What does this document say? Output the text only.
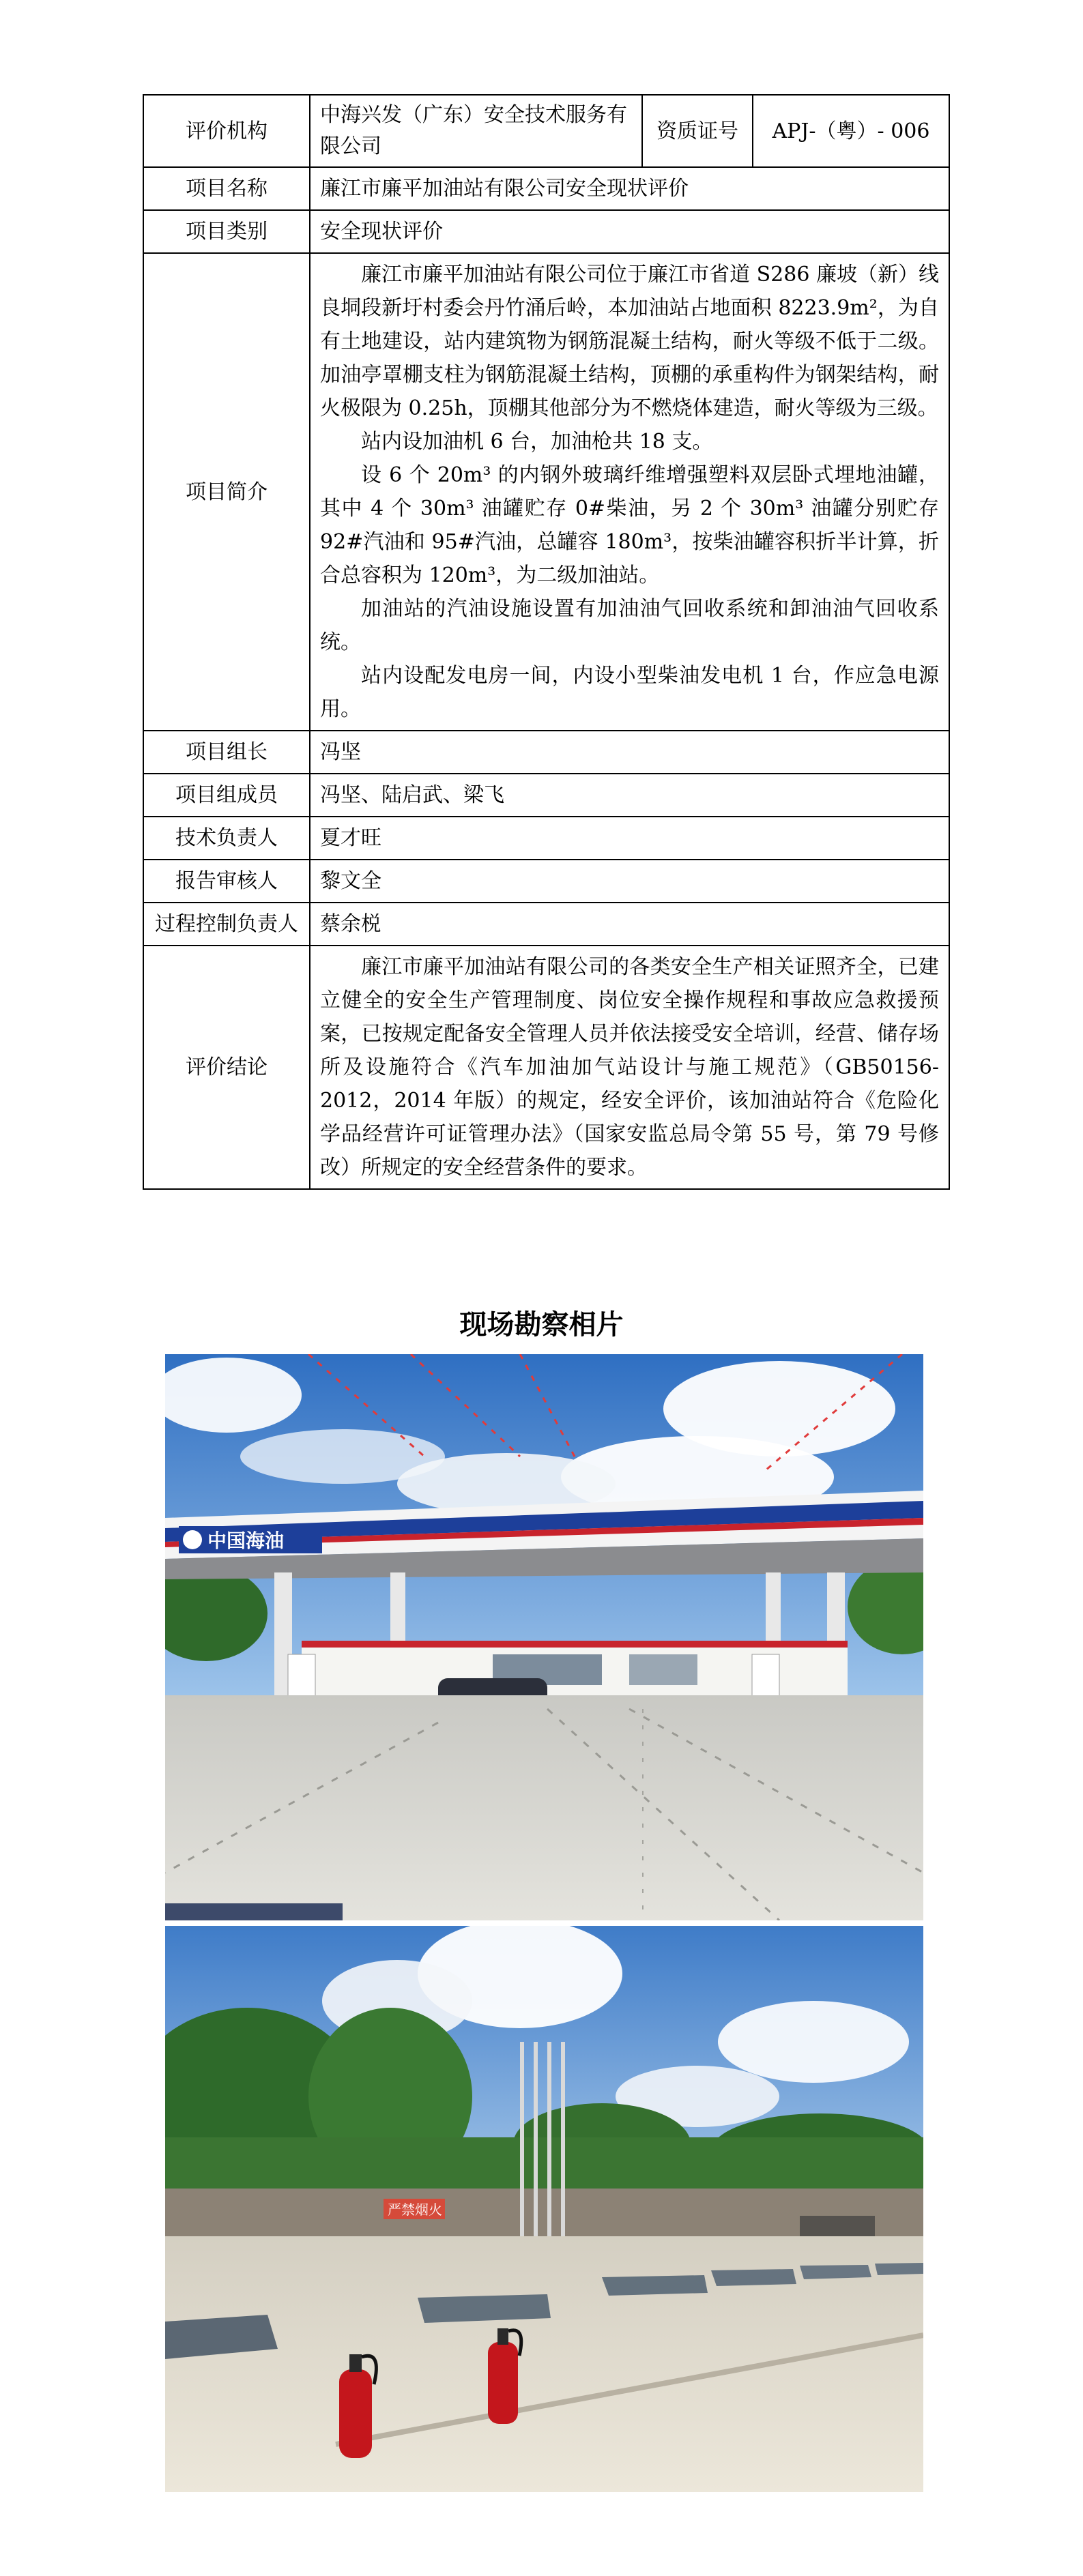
评价机构	中海兴发（广东）安全技术服务有限公司	资质证号	APJ-（粤）- 006
项目名称	廉江市廉平加油站有限公司安全现状评价		
项目类别	安全现状评价		
项目简介	廉江市廉平加油站有限公司位于廉江市省道 S286 廉坡（新）线良垌段新圩村委会丹竹涌后岭，本加油站占地面积 8223.9m²，为自有土地建设，站内建筑物为钢筋混凝土结构，耐火等级不低于二级。加油亭罩棚支柱为钢筋混凝土结构，顶棚的承重构件为钢架结构，耐火极限为 0.25h，顶棚其他部分为不燃烧体建造，耐火等级为三级。

站内设加油机 6 台，加油枪共 18 支。

设 6 个 20m³ 的内钢外玻璃纤维增强塑料双层卧式埋地油罐，其中 4 个 30m³ 油罐贮存 0#柴油，另 2 个 30m³ 油罐分别贮存 92#汽油和 95#汽油，总罐容 180m³，按柴油罐容积折半计算，折合总容积为 120m³，为二级加油站。

加油站的汽油设施设置有加油油气回收系统和卸油油气回收系统。

站内设配发电房一间，内设小型柴油发电机 1 台，作应急电源用。		

项目组长	冯坚		
项目组成员	冯坚、陆启武、梁飞		
技术负责人	夏才旺		
报告审核人	黎文全		
过程控制负责人	蔡余棁		
评价结论	廉江市廉平加油站有限公司的各类安全生产相关证照齐全，已建立健全的安全生产管理制度、岗位安全操作规程和事故应急救援预案，已按规定配备安全管理人员并依法接受安全培训，经营、储存场所及设施符合《汽车加油加气站设计与施工规范》（GB50156-2012，2014 年版）的规定，经安全评价，该加油站符合《危险化学品经营许可证管理办法》（国家安监总局令第 55 号，第 79 号修改）所规定的安全经营条件的要求。		

现场勘察相片
中国海油
严禁烟火
